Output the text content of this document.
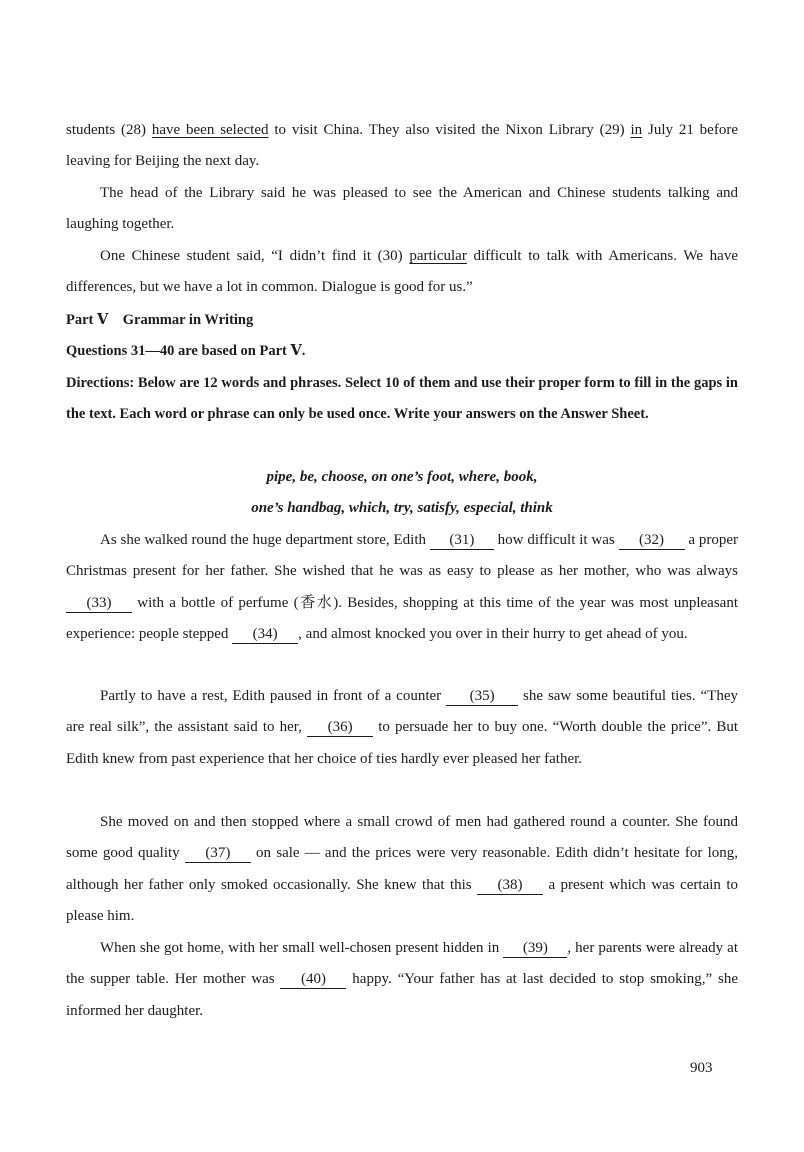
students (28) have been selected to visit China. They also visited the Nixon Library (29) in July 21 before leaving for Beijing the next day.

The head of the Library said he was pleased to see the American and Chinese students talking and laughing together.

One Chinese student said, “I didn’t find it (30) particular difficult to talk with Americans. We have differences, but we have a lot in common. Dialogue is good for us.”

Part Ⅴ　Grammar in Writing

Questions 31—40 are based on Part Ⅴ.

Directions: Below are 12 words and phrases. Select 10 of them and use their proper form to fill in the gaps in the text. Each word or phrase can only be used once. Write your answers on the Answer Sheet.

pipe, be, choose, on one’s foot, where, book,

one’s handbag, which, try, satisfy, especial, think

As she walked round the huge department store, Edith (31) how difficult it was (32) a proper Christmas present for her father. She wished that he was as easy to please as her mother, who was always (33) with a bottle of perfume (香水). Besides, shopping at this time of the year was most unpleasant experience: people stepped (34) , and almost knocked you over in their hurry to get ahead of you.

Partly to have a rest, Edith paused in front of a counter (35) she saw some beautiful ties. “They are real silk”, the assistant said to her, (36) to persuade her to buy one. “Worth double the price”. But Edith knew from past experience that her choice of ties hardly ever pleased her father.

She moved on and then stopped where a small crowd of men had gathered round a counter. She found some good quality (37) on sale — and the prices were very reasonable. Edith didn’t hesitate for long, although her father only smoked occasionally. She knew that this (38) a present which was certain to please him.

When she got home, with her small well-chosen present hidden in (39) , her parents were already at the supper table. Her mother was (40) happy. “Your father has at last decided to stop smoking,” she informed her daughter.

903
